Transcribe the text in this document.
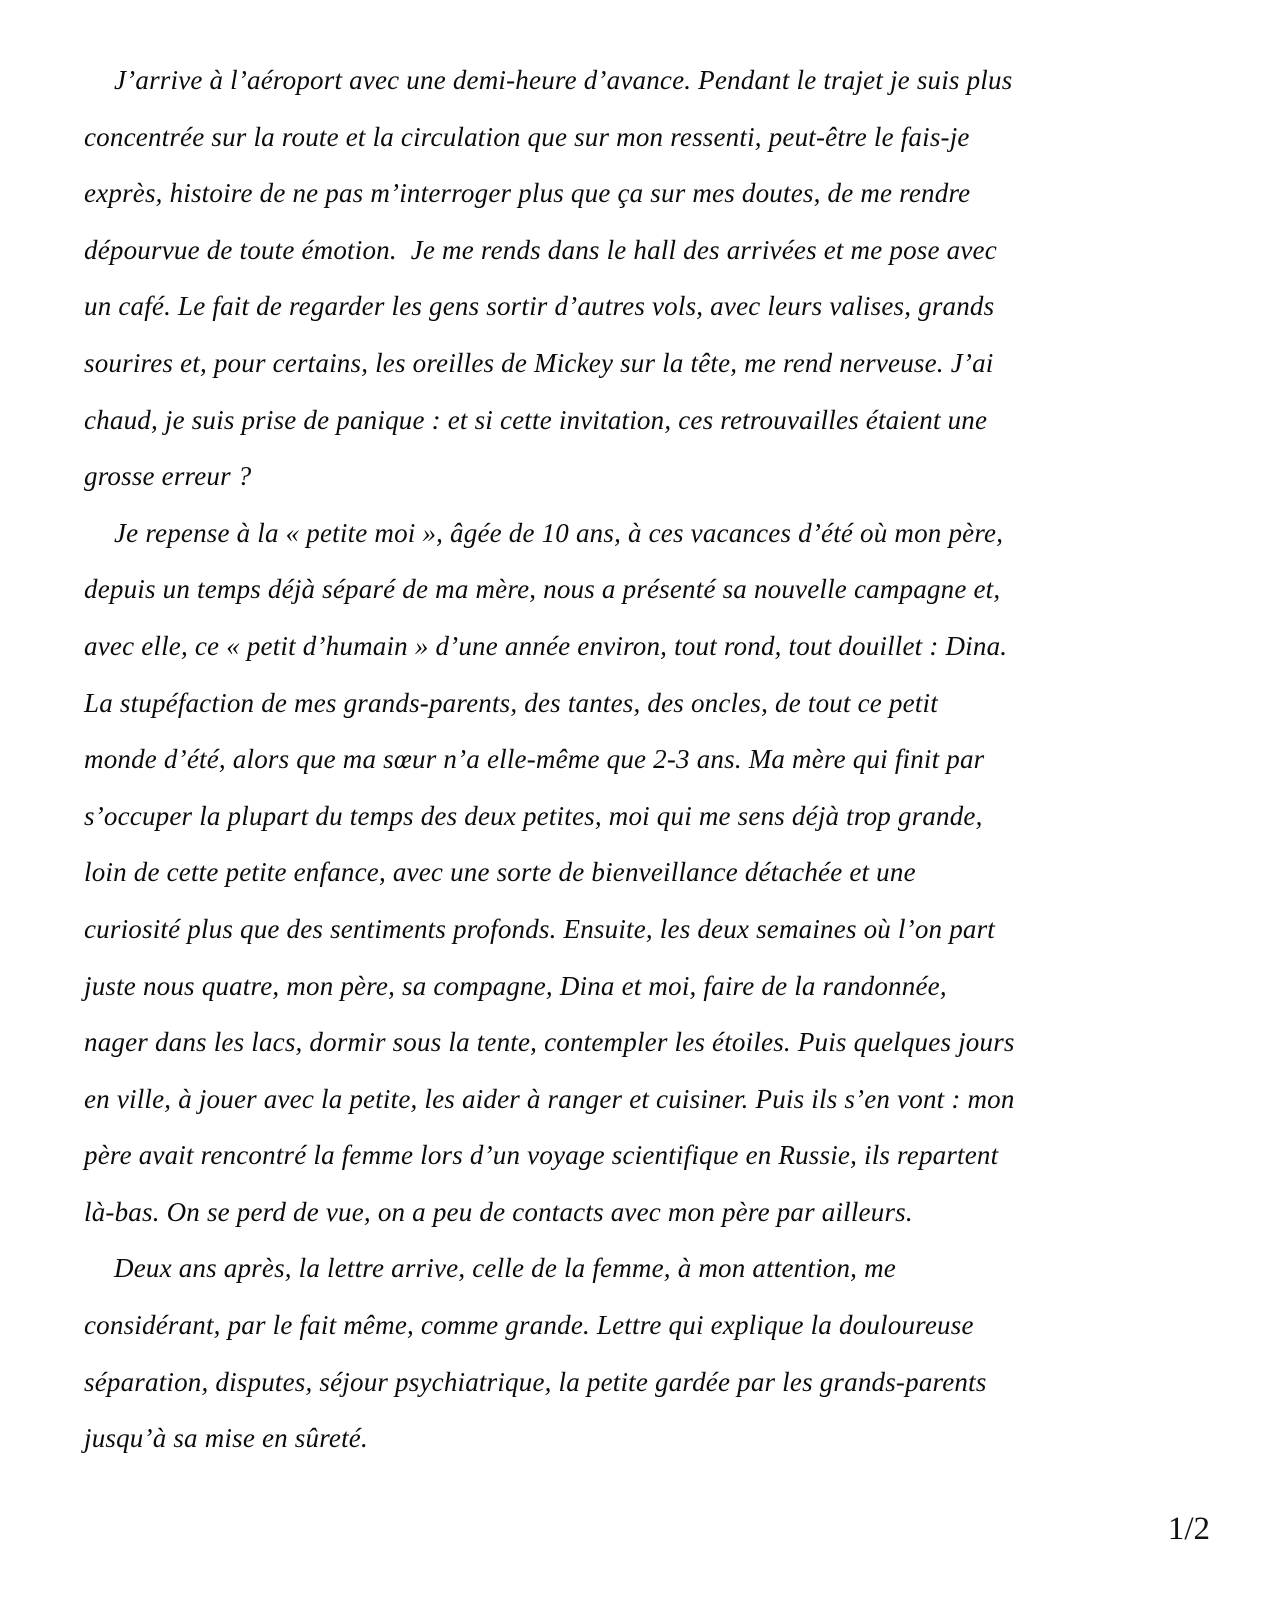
J’arrive à l’aéroport avec une demi-heure d’avance. Pendant le trajet je suis plus
concentrée sur la route et la circulation que sur mon ressenti, peut-être le fais-je
exprès, histoire de ne pas m’interroger plus que ça sur mes doutes, de me rendre
dépourvue de toute émotion.  Je me rends dans le hall des arrivées et me pose avec
un café. Le fait de regarder les gens sortir d’autres vols, avec leurs valises, grands
sourires et, pour certains, les oreilles de Mickey sur la tête, me rend nerveuse. J’ai
chaud, je suis prise de panique : et si cette invitation, ces retrouvailles étaient une
grosse erreur ?
Je repense à la « petite moi », âgée de 10 ans, à ces vacances d’été où mon père,
depuis un temps déjà séparé de ma mère, nous a présenté sa nouvelle campagne et,
avec elle, ce « petit d’humain » d’une année environ, tout rond, tout douillet : Dina.
La stupéfaction de mes grands-parents, des tantes, des oncles, de tout ce petit
monde d’été, alors que ma sœur n’a elle-même que 2-3 ans. Ma mère qui finit par
s’occuper la plupart du temps des deux petites, moi qui me sens déjà trop grande,
loin de cette petite enfance, avec une sorte de bienveillance détachée et une
curiosité plus que des sentiments profonds. Ensuite, les deux semaines où l’on part
juste nous quatre, mon père, sa compagne, Dina et moi, faire de la randonnée,
nager dans les lacs, dormir sous la tente, contempler les étoiles. Puis quelques jours
en ville, à jouer avec la petite, les aider à ranger et cuisiner. Puis ils s’en vont : mon
père avait rencontré la femme lors d’un voyage scientifique en Russie, ils repartent
là-bas. On se perd de vue, on a peu de contacts avec mon père par ailleurs.
Deux ans après, la lettre arrive, celle de la femme, à mon attention, me
considérant, par le fait même, comme grande. Lettre qui explique la douloureuse
séparation, disputes, séjour psychiatrique, la petite gardée par les grands-parents
jusqu’à sa mise en sûreté.
1/2
